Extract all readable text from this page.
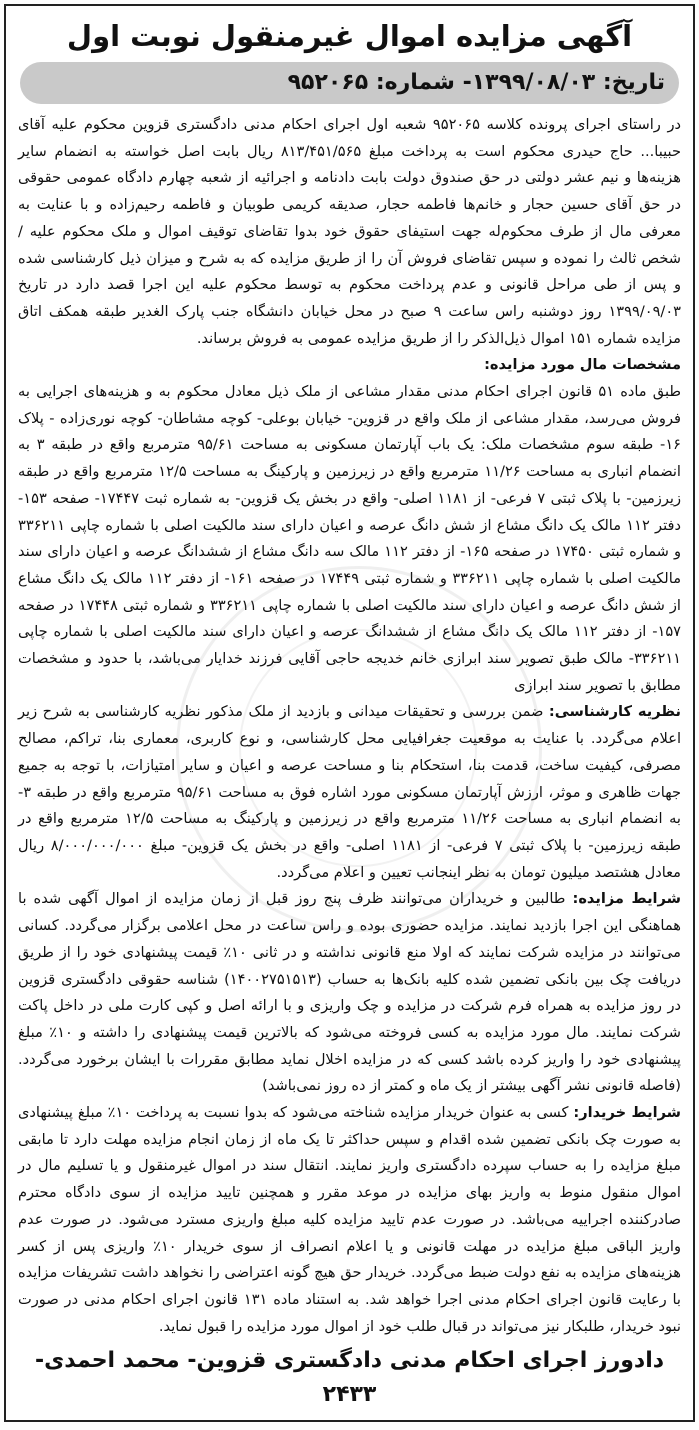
آگهی مزایده اموال غیرمنقول نوبت اول
تاریخ: ۱۳۹۹/۰۸/۰۳- شماره: ۹۵۲۰۶۵

در راستای اجرای پرونده کلاسه ۹۵۲۰۶۵ شعبه اول اجرای احکام مدنی دادگستری قزوین محکوم علیه آقای حبیبا... حاج حیدری محکوم است به پرداخت مبلغ ۸۱۳/۴۵۱/۵۶۵ ریال بابت اصل خواسته به انضمام سایر هزینه‌ها و نیم عشر دولتی در حق صندوق دولت بابت دادنامه و اجرائیه از شعبه چهارم دادگاه عمومی حقوقی در حق آقای حسین حجار و خانم‌ها فاطمه حجار، صدیقه کریمی طوبیان و فاطمه رحیم‌زاده و با عنایت به معرفی مال از طرف محکوم‌له جهت استیفای حقوق خود بدوا تقاضای توقیف اموال و ملک محکوم علیه /شخص ثالث را نموده و سپس تقاضای فروش آن را از طریق مزایده که به شرح و میزان ذیل کارشناسی شده و پس از طی مراحل قانونی و عدم پرداخت محکوم به توسط محکوم علیه این اجرا قصد دارد در تاریخ ۱۳۹۹/۰۹/۰۳ روز دوشنبه راس ساعت ۹ صبح در محل خیابان دانشگاه جنب پارک الغدیر طبقه همکف اتاق مزایده شماره ۱۵۱ اموال ذیل‌الذکر را از طریق مزایده عمومی به فروش برساند.

مشخصات مال مورد مزایده:

طبق ماده ۵۱ قانون اجرای احکام مدنی مقدار مشاعی از ملک ذیل معادل محکوم به و هزینه‌های اجرایی به فروش می‌رسد، مقدار مشاعی از ملک واقع در قزوین- خیابان بوعلی- کوچه مشاطان- کوچه نوری‌زاده - پلاک ۱۶- طبقه سوم مشخصات ملک: یک باب آپارتمان مسکونی به مساحت ۹۵/۶۱ مترمربع واقع در طبقه ۳ به انضمام انباری به مساحت ۱۱/۲۶ مترمربع واقع در زیرزمین و پارکینگ به مساحت ۱۲/۵ مترمربع واقع در طبقه زیرزمین- با پلاک ثبتی ۷ فرعی- از ۱۱۸۱ اصلی- واقع در بخش یک قزوین- به شماره ثبت ۱۷۴۴۷- صفحه ۱۵۳- دفتر ۱۱۲ مالک یک دانگ مشاع از شش دانگ عرصه و اعیان دارای سند مالکیت اصلی با شماره چاپی ۳۳۶۲۱۱ و شماره ثبتی ۱۷۴۵۰ در صفحه ۱۶۵- از دفتر ۱۱۲ مالک سه دانگ مشاع از ششدانگ عرصه و اعیان دارای سند مالکیت اصلی با شماره چاپی ۳۳۶۲۱۱ و شماره ثبتی ۱۷۴۴۹ در صفحه ۱۶۱- از دفتر ۱۱۲ مالک یک دانگ مشاع از شش دانگ عرصه و اعیان دارای سند مالکیت اصلی با شماره چاپی ۳۳۶۲۱۱ و شماره ثبتی ۱۷۴۴۸ در صفحه ۱۵۷- از دفتر ۱۱۲ مالک یک دانگ مشاع از ششدانگ عرصه و اعیان دارای سند مالکیت اصلی با شماره چاپی ۳۳۶۲۱۱- مالک طبق تصویر سند ابرازی خانم خدیجه حاجی آقایی فرزند خدایار می‌باشد، با حدود و مشخصات مطابق با تصویر سند ابرازی

نظریه کارشناسی: ضمن بررسی و تحقیقات میدانی و بازدید از ملک مذکور نظریه کارشناسی به شرح زیر اعلام می‌گردد. با عنایت به موقعیت جغرافیایی محل کارشناسی، و نوع کاربری، معماری بنا، تراکم، مصالح مصرفی، کیفیت ساخت، قدمت بنا، استحکام بنا و مساحت عرصه و اعیان و سایر امتیازات، با توجه به جمیع جهات ظاهری و موثر، ارزش آپارتمان مسکونی مورد اشاره فوق به مساحت ۹۵/۶۱ مترمربع واقع در طبقه ۳- به انضمام انباری به مساحت ۱۱/۲۶ مترمربع واقع در زیرزمین و پارکینگ به مساحت ۱۲/۵ مترمربع واقع در طبقه زیرزمین- با پلاک ثبتی ۷ فرعی- از ۱۱۸۱ اصلی- واقع در بخش یک قزوین- مبلغ ۸/۰۰۰/۰۰۰/۰۰۰ ریال معادل هشتصد میلیون تومان به نظر اینجانب تعیین و اعلام می‌گردد.

شرایط مزایده: طالبین و خریداران می‌توانند ظرف پنج روز قبل از زمان مزایده از اموال آگهی شده با هماهنگی این اجرا بازدید نمایند. مزایده حضوری بوده و راس ساعت در محل اعلامی برگزار می‌گردد. کسانی می‌توانند در مزایده شرکت نمایند که اولا منع قانونی نداشته و در ثانی ۱۰٪ قیمت پیشنهادی خود را از طریق دریافت چک بین بانکی تضمین شده کلیه بانک‌ها به حساب (۱۴۰۰۲۷۵۱۵۱۳) شناسه حقوقی دادگستری قزوین در روز مزایده به همراه فرم شرکت در مزایده و چک واریزی و با ارائه اصل و کپی کارت ملی در داخل پاکت شرکت نمایند. مال مورد مزایده به کسی فروخته می‌شود که بالاترین قیمت پیشنهادی را داشته و ۱۰٪ مبلغ پیشنهادی خود را واریز کرده باشد کسی که در مزایده اخلال نماید مطابق مقررات با ایشان برخورد می‌گردد. (فاصله قانونی نشر آگهی بیشتر از یک ماه و کمتر از ده روز نمی‌باشد)

شرایط خریدار: کسی به عنوان خریدار مزایده شناخته می‌شود که بدوا نسبت به پرداخت ۱۰٪ مبلغ پیشنهادی به صورت چک بانکی تضمین شده اقدام و سپس حداکثر تا یک ماه از زمان انجام مزایده مهلت دارد تا مابقی مبلغ مزایده را به حساب سپرده دادگستری واریز نمایند. انتقال سند در اموال غیرمنقول و یا تسلیم مال در اموال منقول منوط به واریز بهای مزایده در موعد مقرر و همچنین تایید مزایده از سوی دادگاه محترم صادرکننده اجراییه می‌باشد. در صورت عدم تایید مزایده کلیه مبلغ واریزی مسترد می‌شود. در صورت عدم واریز الباقی مبلغ مزایده در مهلت قانونی و یا اعلام انصراف از سوی خریدار ۱۰٪ واریزی پس از کسر هزینه‌های مزایده به نفع دولت ضبط می‌گردد. خریدار حق هیچ گونه اعتراضی را نخواهد داشت تشریفات مزایده با رعایت قانون اجرای احکام مدنی اجرا خواهد شد. به استناد ماده ۱۳۱ قانون اجرای احکام مدنی در صورت نبود خریدار، طلبکار نیز می‌تواند در قبال طلب خود از اموال مورد مزایده را قبول نماید.

دادورز اجرای احکام مدنی دادگستری قزوین- محمد احمدی- ۲۴۳۳
